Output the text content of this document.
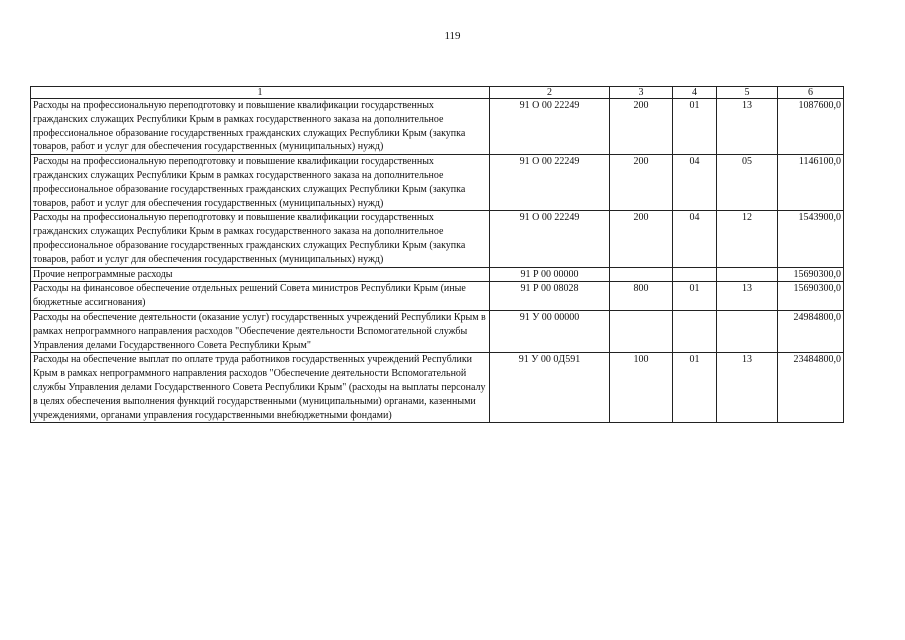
119
1	2	3	4	5	6
Расходы на профессиональную переподготовку и повышение квалификации государственных гражданских служащих Республики Крым в рамках государственного заказа на дополнительное профессиональное образование государственных гражданских служащих Республики Крым (закупка товаров, работ и услуг для обеспечения государственных (муниципальных) нужд)	91 О 00 22249	200	01	13	1087600,0
Расходы на профессиональную переподготовку и повышение квалификации государственных гражданских служащих Республики Крым в рамках государственного заказа на дополнительное профессиональное образование государственных гражданских служащих Республики Крым (закупка товаров, работ и услуг для обеспечения государственных (муниципальных) нужд)	91 О 00 22249	200	04	05	1146100,0
Расходы на профессиональную переподготовку и повышение квалификации государственных гражданских служащих Республики Крым в рамках государственного заказа на дополнительное профессиональное образование государственных гражданских служащих Республики Крым (закупка товаров, работ и услуг для обеспечения государственных (муниципальных) нужд)	91 О 00 22249	200	04	12	1543900,0
Прочие непрограммные расходы	91 Р 00 00000				15690300,0
Расходы на финансовое обеспечение отдельных решений Совета министров Республики Крым (иные бюджетные ассигнования)	91 Р 00 08028	800	01	13	15690300,0
Расходы на обеспечение деятельности (оказание услуг) государственных учреждений Республики Крым в рамках непрограммного направления расходов "Обеспечение деятельности Вспомогательной службы Управления делами Государственного Совета Республики Крым"	91 У 00 00000				24984800,0
Расходы на обеспечение выплат по оплате труда работников государственных учреждений Республики Крым в рамках непрограммного направления расходов "Обеспечение деятельности Вспомогательной службы Управления делами Государственного Совета Республики Крым" (расходы на выплаты персоналу в целях обеспечения выполнения функций государственными (муниципальными) органами, казенными учреждениями, органами управления государственными внебюджетными фондами)	91 У 00 0Д591	100	01	13	23484800,0
